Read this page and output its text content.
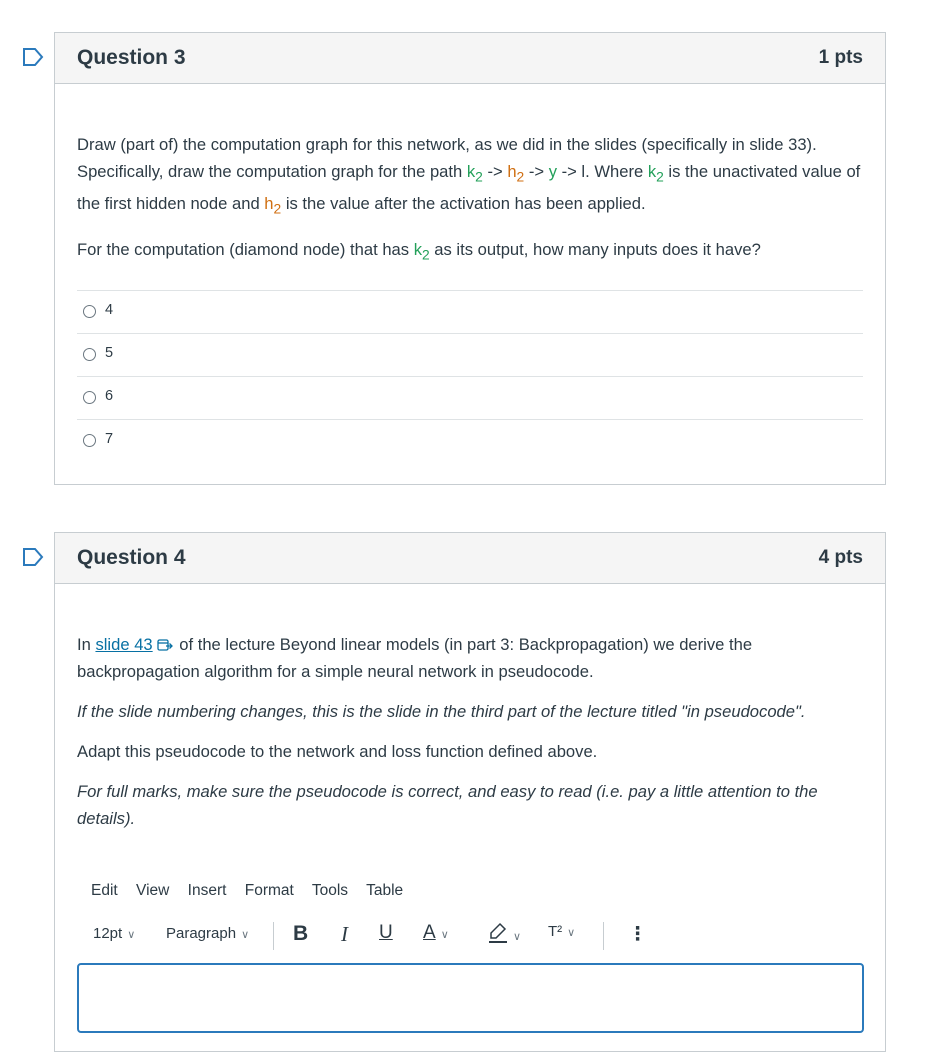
Question 3	1 pts

Draw (part of) the computation graph for this network, as we did in the slides (specifically in slide 33). Specifically, draw the computation graph for the path $k_2 -> h_2 -> y -> l$. Where $k_2$ is the unactivated value of the first hidden node and $h_2$ is the value after the activation has been applied.

For the computation (diamond node) that has $k_2$ as its output, how many inputs does it have?

4
5
6
7
Question 4	4 pts

In slide 43 of the lecture Beyond linear models (in part 3: Backpropagation) we derive the backpropagation algorithm for a simple neural network in pseudocode.

If the slide numbering changes, this is the slide in the third part of the lecture titled "in pseudocode".

Adapt this pseudocode to the network and loss function defined above.

For full marks, make sure the pseudocode is correct, and easy to read (i.e. pay a little attention to the details).

Edit View Insert Format Tools Table
12pt ∨ Paragraph ∨ B I U A ∨	∨ T² ∨	⋮
